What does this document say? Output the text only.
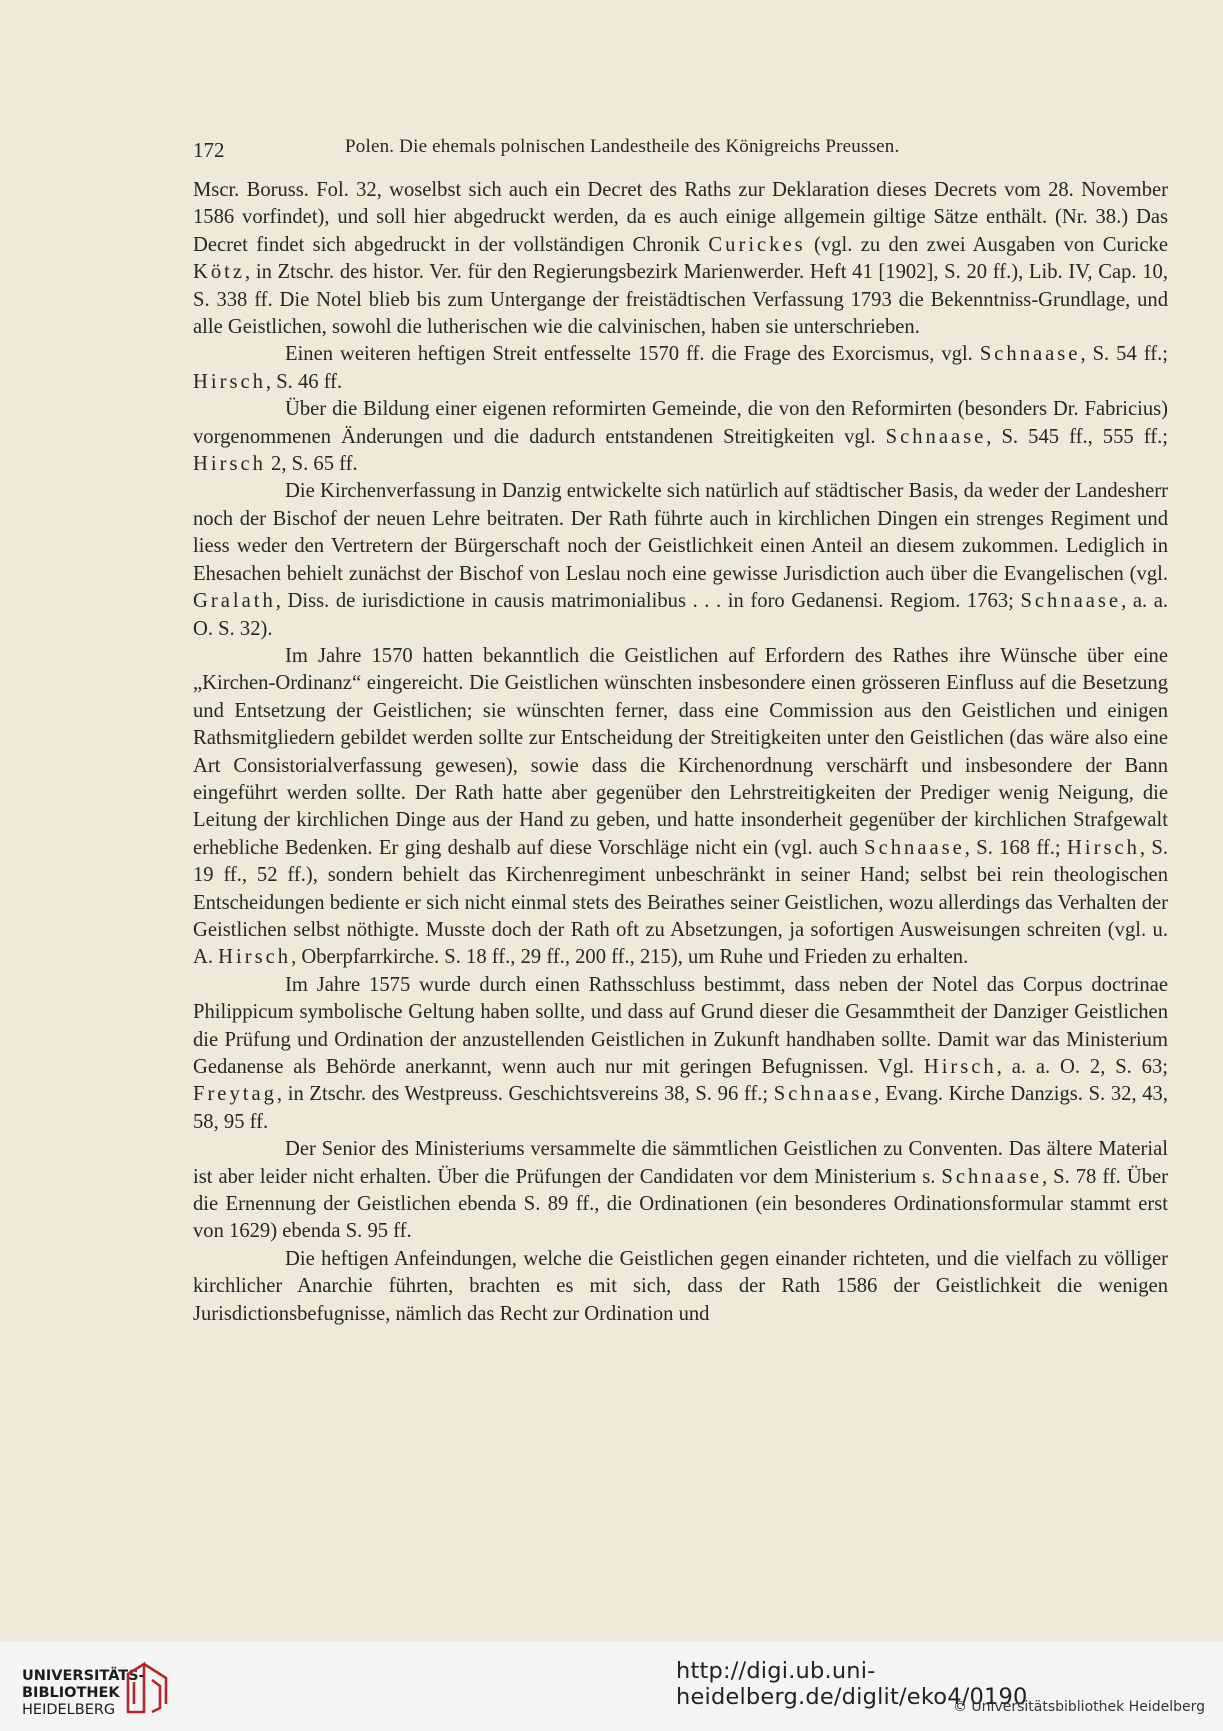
172	Polen. Die ehemals polnischen Landestheile des Königreichs Preussen.

Mscr. Boruss. Fol. 32, woselbst sich auch ein Decret des Raths zur Deklaration dieses Decrets vom 28. November 1586 vorfindet), und soll hier abgedruckt werden, da es auch einige allgemein giltige Sätze enthält. (Nr. 38.) Das Decret findet sich abgedruckt in der vollständigen Chronik Curickes (vgl. zu den zwei Ausgaben von Curicke Kötz, in Ztschr. des histor. Ver. für den Regierungsbezirk Marienwerder. Heft 41 [1902], S. 20 ff.), Lib. IV, Cap. 10, S. 338 ff. Die Notel blieb bis zum Untergange der freistädtischen Verfassung 1793 die Bekenntniss-Grundlage, und alle Geistlichen, sowohl die lutherischen wie die calvinischen, haben sie unterschrieben.

Einen weiteren heftigen Streit entfesselte 1570 ff. die Frage des Exorcismus, vgl. Schnaase, S. 54 ff.; Hirsch, S. 46 ff.

Über die Bildung einer eigenen reformirten Gemeinde, die von den Reformirten (besonders Dr. Fabricius) vorgenommenen Änderungen und die dadurch entstandenen Streitigkeiten vgl. Schnaase, S. 545 ff., 555 ff.; Hirsch 2, S. 65 ff.

Die Kirchenverfassung in Danzig entwickelte sich natürlich auf städtischer Basis, da weder der Landesherr noch der Bischof der neuen Lehre beitraten. Der Rath führte auch in kirchlichen Dingen ein strenges Regiment und liess weder den Vertretern der Bürgerschaft noch der Geistlichkeit einen Anteil an diesem zukommen. Lediglich in Ehesachen behielt zunächst der Bischof von Leslau noch eine gewisse Jurisdiction auch über die Evangelischen (vgl. Gralath, Diss. de iurisdictione in causis matrimonialibus . . . in foro Gedanensi. Regiom. 1763; Schnaase, a. a. O. S. 32).

Im Jahre 1570 hatten bekanntlich die Geistlichen auf Erfordern des Rathes ihre Wünsche über eine „Kirchen-Ordinanz“ eingereicht. Die Geistlichen wünschten insbesondere einen grösseren Einfluss auf die Besetzung und Entsetzung der Geistlichen; sie wünschten ferner, dass eine Commission aus den Geistlichen und einigen Rathsmitgliedern gebildet werden sollte zur Entscheidung der Streitigkeiten unter den Geistlichen (das wäre also eine Art Consistorialverfassung gewesen), sowie dass die Kirchenordnung verschärft und insbesondere der Bann eingeführt werden sollte. Der Rath hatte aber gegenüber den Lehrstreitigkeiten der Prediger wenig Neigung, die Leitung der kirchlichen Dinge aus der Hand zu geben, und hatte insonderheit gegenüber der kirchlichen Strafgewalt erhebliche Bedenken. Er ging deshalb auf diese Vorschläge nicht ein (vgl. auch Schnaase, S. 168 ff.; Hirsch, S. 19 ff., 52 ff.), sondern behielt das Kirchenregiment unbeschränkt in seiner Hand; selbst bei rein theologischen Entscheidungen bediente er sich nicht einmal stets des Beirathes seiner Geistlichen, wozu allerdings das Verhalten der Geistlichen selbst nöthigte. Musste doch der Rath oft zu Absetzungen, ja sofortigen Ausweisungen schreiten (vgl. u. A. Hirsch, Oberpfarrkirche. S. 18 ff., 29 ff., 200 ff., 215), um Ruhe und Frieden zu erhalten.

Im Jahre 1575 wurde durch einen Rathsschluss bestimmt, dass neben der Notel das Corpus doctrinae Philippicum symbolische Geltung haben sollte, und dass auf Grund dieser die Gesammtheit der Danziger Geistlichen die Prüfung und Ordination der anzustellenden Geistlichen in Zukunft handhaben sollte. Damit war das Ministerium Gedanense als Behörde anerkannt, wenn auch nur mit geringen Befugnissen. Vgl. Hirsch, a. a. O. 2, S. 63; Freytag, in Ztschr. des Westpreuss. Geschichtsvereins 38, S. 96 ff.; Schnaase, Evang. Kirche Danzigs. S. 32, 43, 58, 95 ff.

Der Senior des Ministeriums versammelte die sämmtlichen Geistlichen zu Conventen. Das ältere Material ist aber leider nicht erhalten. Über die Prüfungen der Candidaten vor dem Ministerium s. Schnaase, S. 78 ff. Über die Ernennung der Geistlichen ebenda S. 89 ff., die Ordinationen (ein besonderes Ordinationsformular stammt erst von 1629) ebenda S. 95 ff.

Die heftigen Anfeindungen, welche die Geistlichen gegen einander richteten, und die vielfach zu völliger kirchlicher Anarchie führten, brachten es mit sich, dass der Rath 1586 der Geistlichkeit die wenigen Jurisdictionsbefugnisse, nämlich das Recht zur Ordination und

UNIVERSITÄTS-
BIBLIOTHEK
HEIDELBERG
http://digi.ub.uni-heidelberg.de/diglit/eko4/0190
© Universitätsbibliothek Heidelberg
